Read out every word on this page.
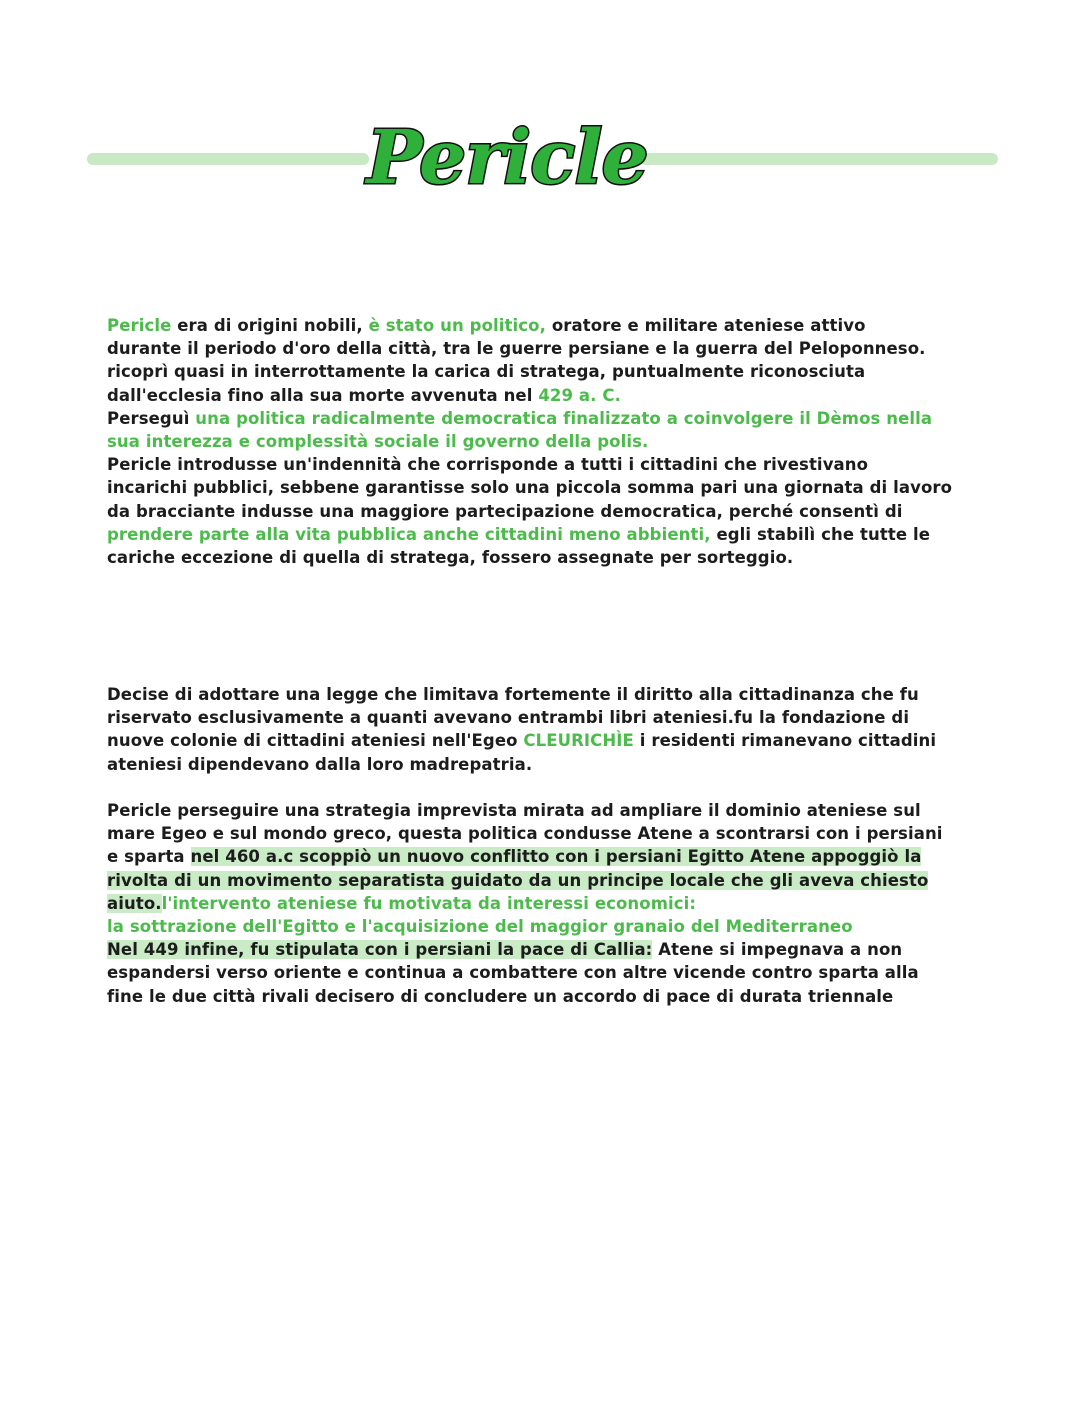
Pericle
Pericle era di origini nobili, è stato un politico, oratore e militare ateniese attivo
durante il periodo d'oro della città, tra le guerre persiane e la guerra del Peloponneso.
ricoprì quasi in interrottamente la carica di stratega, puntualmente riconosciuta
dall'ecclesia fino alla sua morte avvenuta nel 429 a. C.
Perseguì una politica radicalmente democratica finalizzato a coinvolgere il Dèmos nella
sua interezza e complessità sociale il governo della polis.
Pericle introdusse un'indennità che corrisponde a tutti i cittadini che rivestivano
incarichi pubblici, sebbene garantisse solo una piccola somma pari una giornata di lavoro
da bracciante indusse una maggiore partecipazione democratica, perché consentì di
prendere parte alla vita pubblica anche cittadini meno abbienti, egli stabilì che tutte le
cariche eccezione di quella di stratega, fossero assegnate per sorteggio.
Decise di adottare una legge che limitava fortemente il diritto alla cittadinanza che fu
riservato esclusivamente a quanti avevano entrambi libri ateniesi.fu la fondazione di
nuove colonie di cittadini ateniesi nell'Egeo CLEURICHÌE i residenti rimanevano cittadini
ateniesi dipendevano dalla loro madrepatria.
Pericle perseguire una strategia imprevista mirata ad ampliare il dominio ateniese sul
mare Egeo e sul mondo greco, questa politica condusse Atene a scontrarsi con i persiani
e sparta nel 460 a.c scoppiò un nuovo conflitto con i persiani Egitto Atene appoggiò la
rivolta di un movimento separatista guidato da un principe locale che gli aveva chiesto
aiuto.l'intervento ateniese fu motivata da interessi economici:
la sottrazione dell'Egitto e l'acquisizione del maggior granaio del Mediterraneo
Nel 449 infine, fu stipulata con i persiani la pace di Callia: Atene si impegnava a non
espandersi verso oriente e continua a combattere con altre vicende contro sparta alla
fine le due città rivali decisero di concludere un accordo di pace di durata triennale
